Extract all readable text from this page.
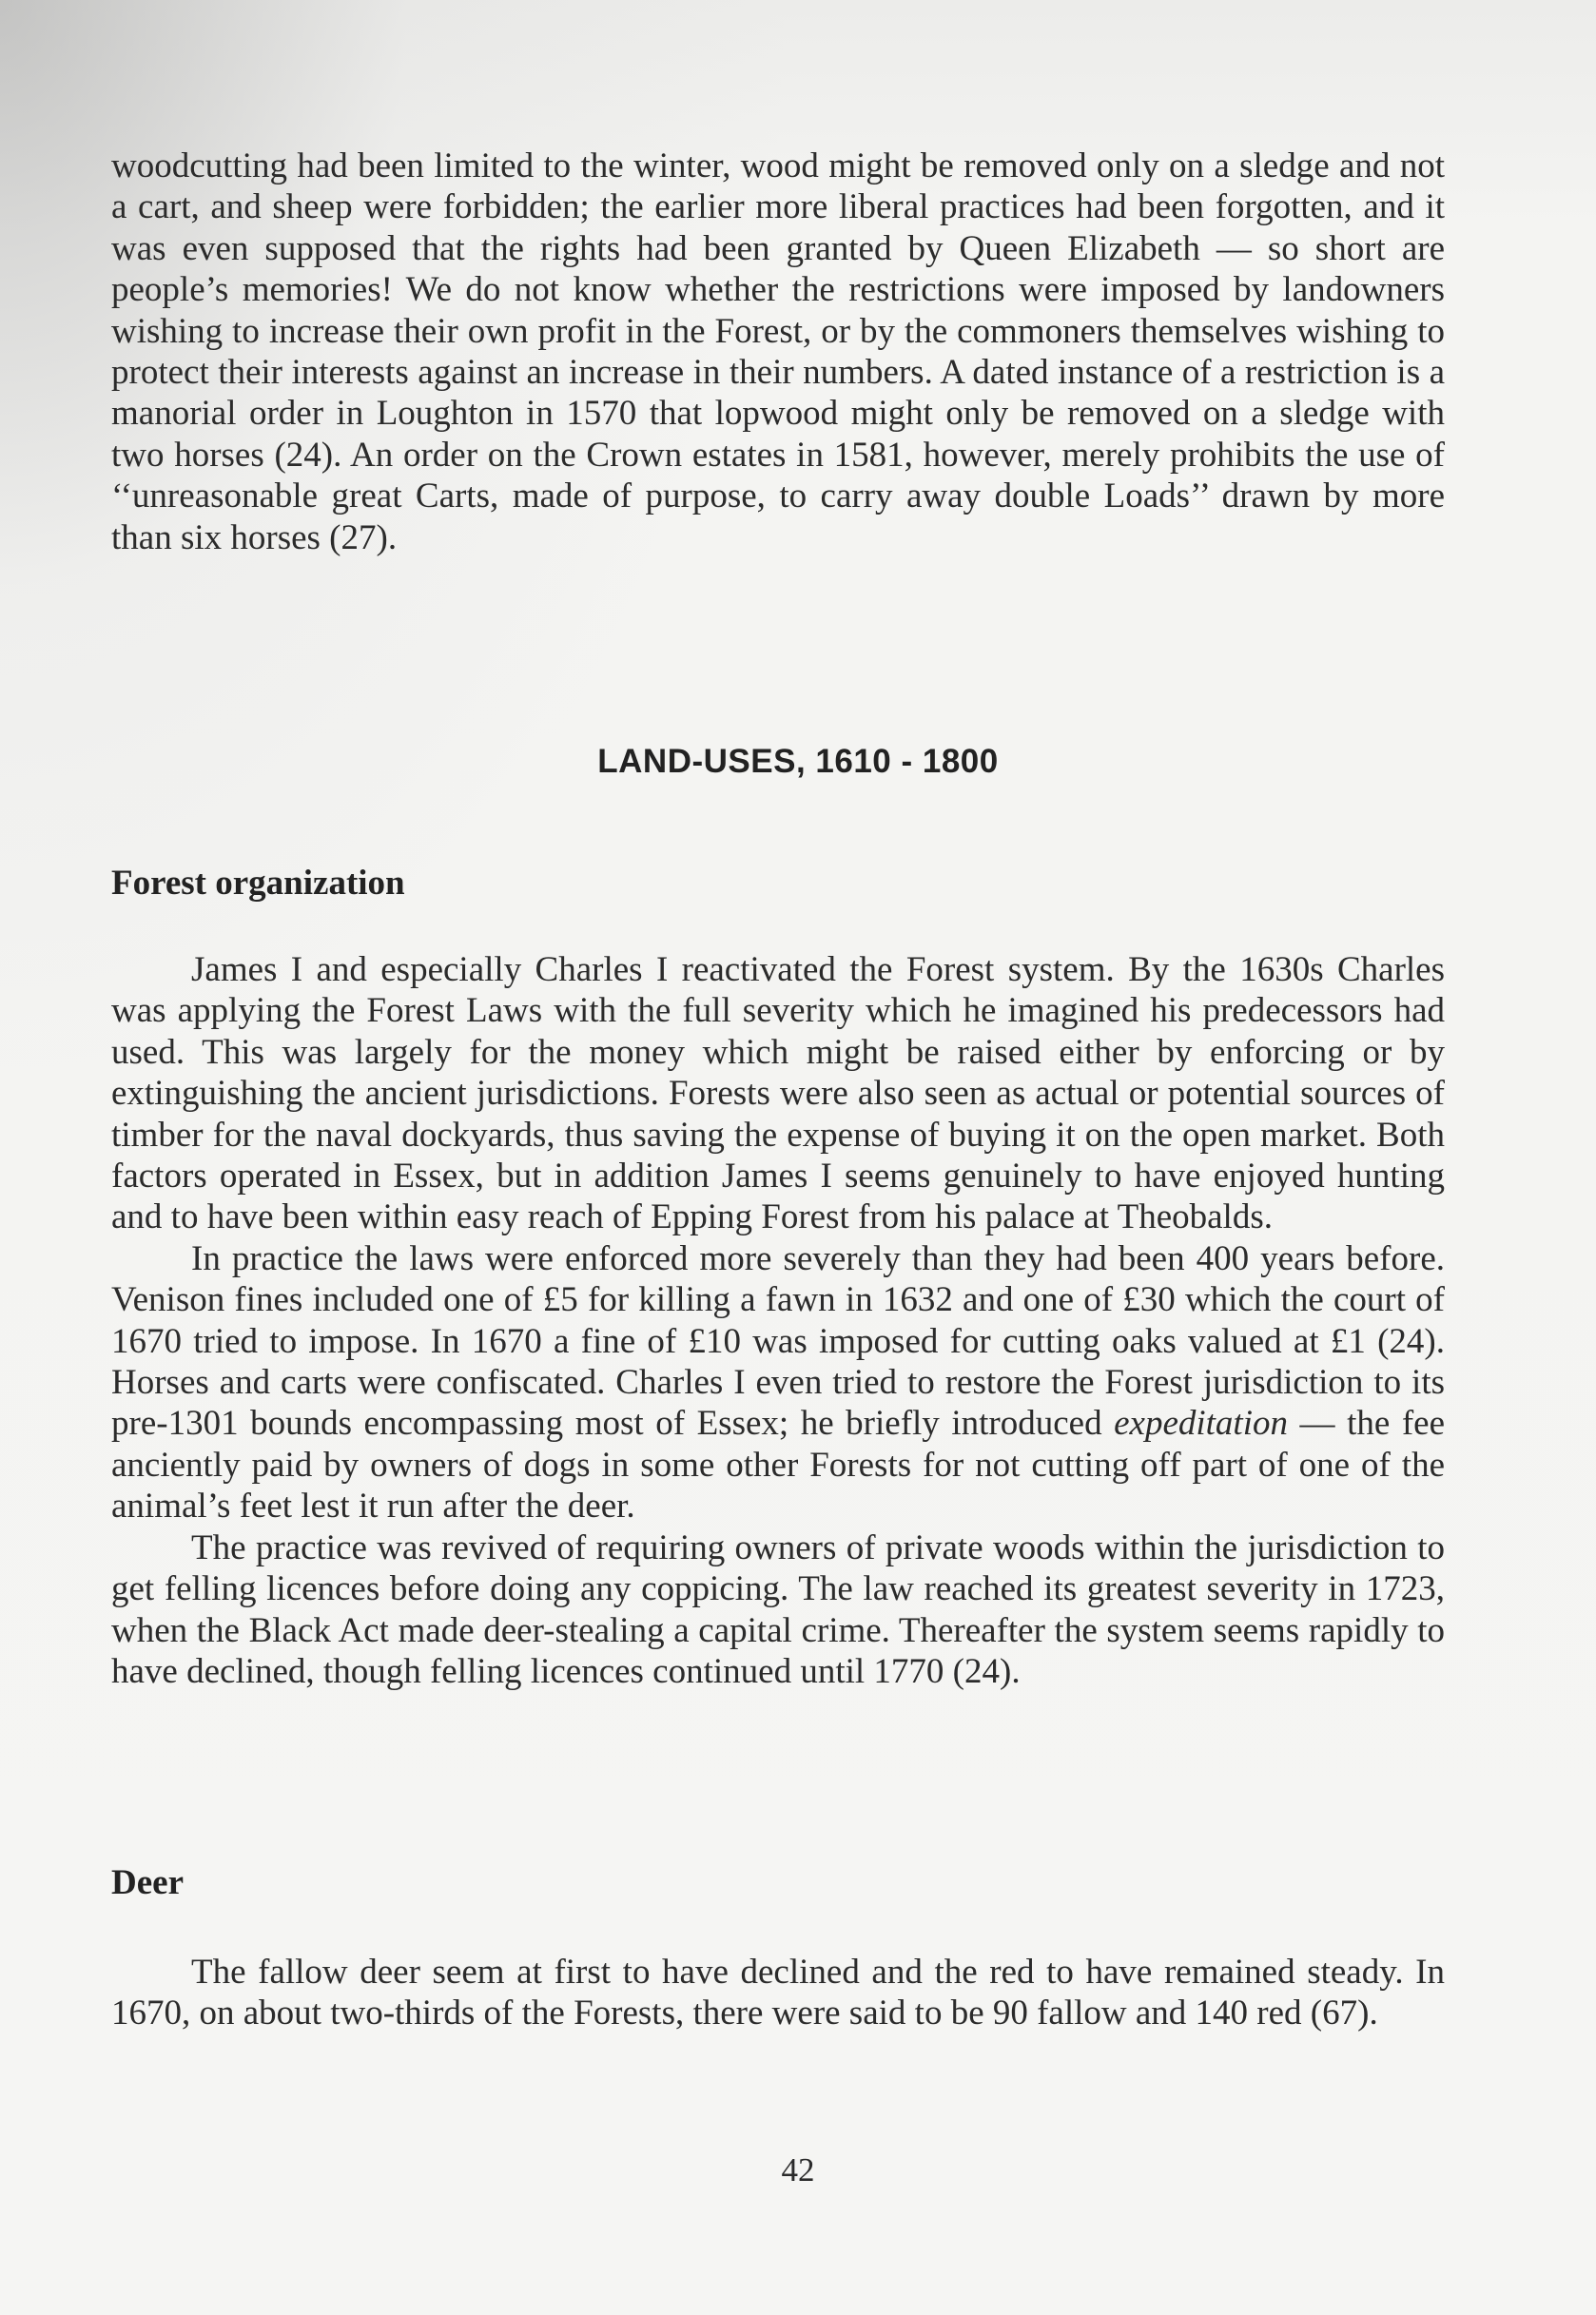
woodcutting had been limited to the winter, wood might be removed only on a sledge and not a cart, and sheep were forbidden; the earlier more liberal practices had been forgotten, and it was even supposed that the rights had been granted by Queen Elizabeth — so short are people’s memories! We do not know whether the restrictions were imposed by landowners wishing to increase their own profit in the Forest, or by the commoners themselves wishing to protect their interests against an increase in their numbers. A dated instance of a restriction is a manorial order in Loughton in 1570 that lopwood might only be removed on a sledge with two horses (24). An order on the Crown estates in 1581, however, merely prohibits the use of ‘‘unreasonable great Carts, made of purpose, to carry away double Loads’’ drawn by more than six horses (27).

LAND-USES, 1610 - 1800
Forest organization

James I and especially Charles I reactivated the Forest system. By the 1630s Charles was applying the Forest Laws with the full severity which he imagined his predecessors had used. This was largely for the money which might be raised either by enforcing or by extinguishing the ancient jurisdictions. Forests were also seen as actual or potential sources of timber for the naval dockyards, thus saving the expense of buying it on the open market. Both factors operated in Essex, but in addition James I seems genuinely to have enjoyed hunting and to have been within easy reach of Epping Forest from his palace at Theobalds.

In practice the laws were enforced more severely than they had been 400 years before. Venison fines included one of £5 for killing a fawn in 1632 and one of £30 which the court of 1670 tried to impose. In 1670 a fine of £10 was imposed for cutting oaks valued at £1 (24). Horses and carts were confiscated. Charles I even tried to restore the Forest jurisdiction to its pre-1301 bounds encompassing most of Essex; he briefly introduced expeditation — the fee anciently paid by owners of dogs in some other Forests for not cutting off part of one of the animal’s feet lest it run after the deer.

The practice was revived of requiring owners of private woods within the jurisdiction to get felling licences before doing any coppicing. The law reached its greatest severity in 1723, when the Black Act made deer-stealing a capital crime. Thereafter the system seems rapidly to have declined, though felling licences continued until 1770 (24).

Deer

The fallow deer seem at first to have declined and the red to have remained steady. In 1670, on about two-thirds of the Forests, there were said to be 90 fallow and 140 red (67).

42
